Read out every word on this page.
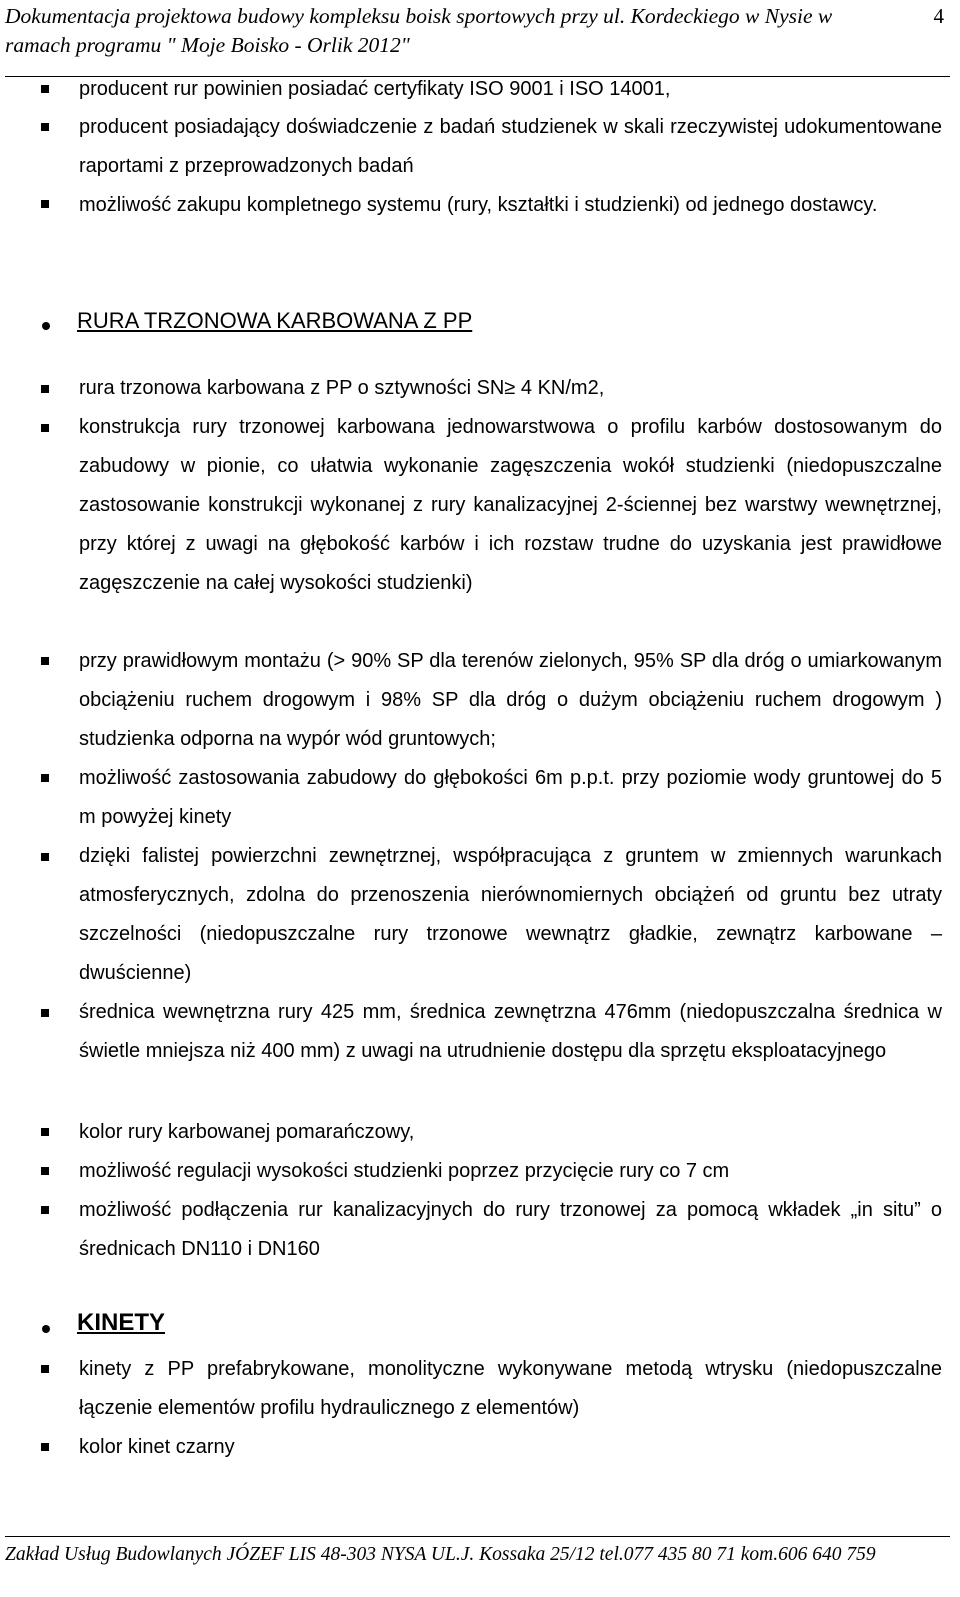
Dokumentacja projektowa budowy kompleksu boisk sportowych przy ul. Kordeckiego w Nysie w ramach programu " Moje Boisko - Orlik 2012"
4
producent rur powinien posiadać certyfikaty ISO 9001 i ISO 14001,
producent posiadający doświadczenie z badań studzienek w skali rzeczywistej udokumentowane raportami z przeprowadzonych badań
możliwość zakupu kompletnego systemu (rury, kształtki i studzienki) od jednego dostawcy.
RURA TRZONOWA KARBOWANA Z PP
rura trzonowa karbowana z PP o sztywności SN≥ 4 KN/m2,
konstrukcja rury trzonowej karbowana jednowarstwowa o profilu karbów dostosowanym do zabudowy w pionie, co ułatwia wykonanie zagęszczenia wokół studzienki (niedopuszczalne zastosowanie konstrukcji wykonanej z rury kanalizacyjnej 2-ściennej bez warstwy wewnętrznej, przy której z uwagi na głębokość karbów i ich rozstaw trudne do uzyskania jest prawidłowe zagęszczenie na całej wysokości studzienki)
przy prawidłowym montażu (> 90% SP dla terenów zielonych, 95% SP dla dróg o umiarkowanym obciążeniu ruchem drogowym i 98% SP dla dróg o dużym obciążeniu ruchem drogowym ) studzienka odporna na wypór wód gruntowych;
możliwość zastosowania zabudowy do głębokości 6m p.p.t. przy poziomie wody gruntowej do 5 m powyżej kinety
dzięki falistej powierzchni zewnętrznej, współpracująca z gruntem w zmiennych warunkach atmosferycznych, zdolna do przenoszenia nierównomiernych obciążeń od gruntu bez utraty szczelności (niedopuszczalne rury trzonowe wewnątrz gładkie, zewnątrz karbowane – dwuścienne)
średnica wewnętrzna rury 425 mm, średnica zewnętrzna 476mm (niedopuszczalna średnica w świetle mniejsza niż 400 mm) z uwagi na utrudnienie dostępu dla sprzętu eksploatacyjnego
kolor rury karbowanej pomarańczowy,
możliwość regulacji wysokości studzienki poprzez przycięcie rury co 7 cm
możliwość podłączenia rur kanalizacyjnych do rury trzonowej za pomocą wkładek „in situ” o średnicach DN110 i DN160
KINETY
kinety z PP prefabrykowane, monolityczne wykonywane metodą wtrysku (niedopuszczalne łączenie elementów profilu hydraulicznego z elementów)
kolor kinet czarny
Zakład Usług Budowlanych JÓZEF LIS 48-303 NYSA UL.J. Kossaka 25/12 tel.077 435 80 71 kom.606 640 759
